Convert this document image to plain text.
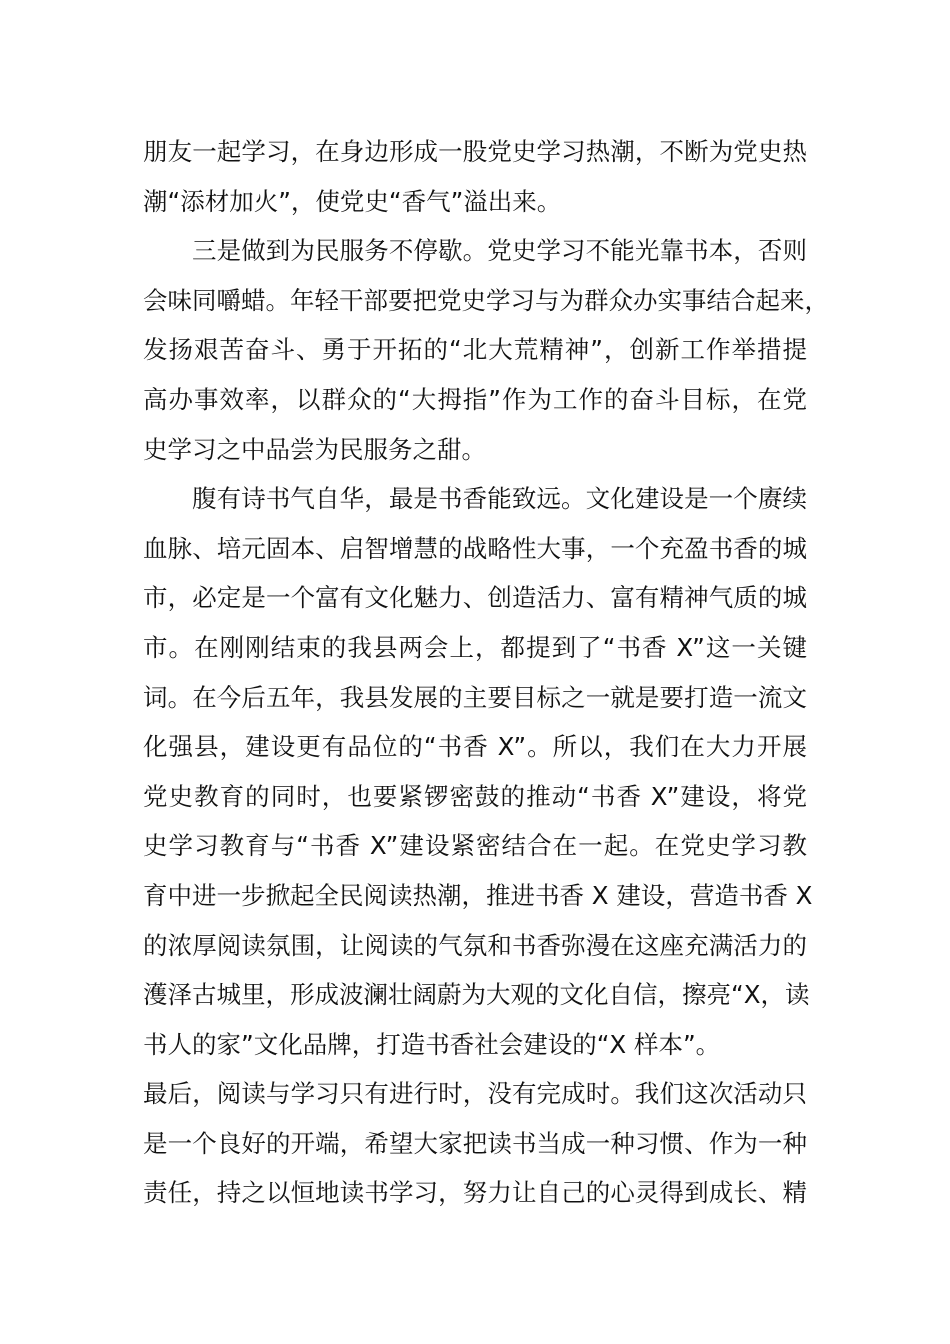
朋友一起学习，在身边形成一股党史学习热潮，不断为党史热
潮“添材加火”，使党史“香气”溢出来。
三是做到为民服务不停歇。党史学习不能光靠书本，否则
会味同嚼蜡。年轻干部要把党史学习与为群众办实事结合起来，
发扬艰苦奋斗、勇于开拓的“北大荒精神”，创新工作举措提
高办事效率，以群众的“大拇指”作为工作的奋斗目标，在党
史学习之中品尝为民服务之甜。
腹有诗书气自华，最是书香能致远。文化建设是一个赓续
血脉、培元固本、启智增慧的战略性大事，一个充盈书香的城
市，必定是一个富有文化魅力、创造活力、富有精神气质的城
市。在刚刚结束的我县两会上，都提到了“书香 X”这一关键
词。在今后五年，我县发展的主要目标之一就是要打造一流文
化强县，建设更有品位的“书香 X”。所以，我们在大力开展
党史教育的同时，也要紧锣密鼓的推动“书香 X”建设，将党
史学习教育与“书香 X”建设紧密结合在一起。在党史学习教
育中进一步掀起全民阅读热潮，推进书香 X 建设，营造书香 X
的浓厚阅读氛围，让阅读的气氛和书香弥漫在这座充满活力的
濩泽古城里，形成波澜壮阔蔚为大观的文化自信，擦亮“X，读
书人的家”文化品牌，打造书香社会建设的“X 样本”。
最后，阅读与学习只有进行时，没有完成时。我们这次活动只
是一个良好的开端，希望大家把读书当成一种习惯、作为一种
责任，持之以恒地读书学习，努力让自己的心灵得到成长、精
